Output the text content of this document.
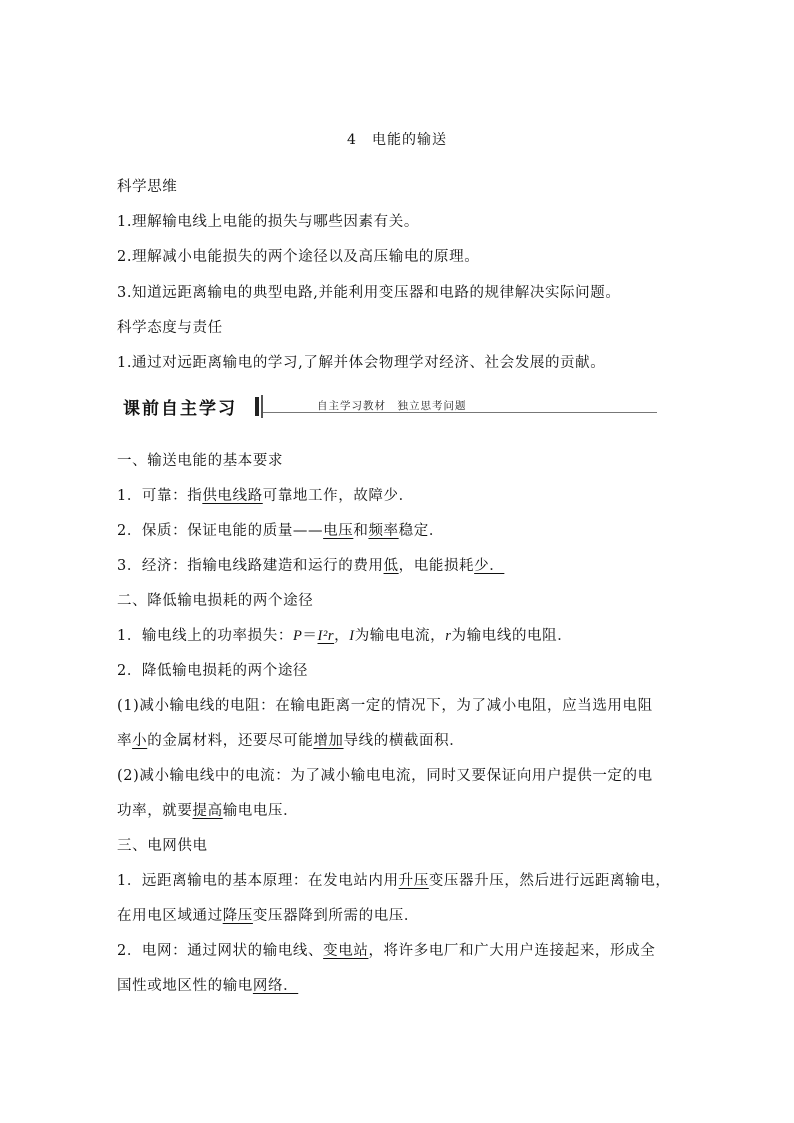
4　电能的输送
科学思维
1.理解输电线上电能的损失与哪些因素有关。
2.理解减小电能损失的两个途径以及高压输电的原理。
3.知道远距离输电的典型电路,并能利用变压器和电路的规律解决实际问题。
科学态度与责任
1.通过对远距离输电的学习,了解并体会物理学对经济、社会发展的贡献。
课前自主学习	自主学习教材　独立思考问题
一、输送电能的基本要求
1．可靠：指供电线路可靠地工作，故障少．
2．保质：保证电能的质量——电压和频率稳定．
3．经济：指输电线路建造和运行的费用低，电能损耗少．
二、降低输电损耗的两个途径
1．输电线上的功率损失：P＝I²r，I为输电电流，r为输电线的电阻．
2．降低输电损耗的两个途径
(1)减小输电线的电阻：在输电距离一定的情况下，为了减小电阻，应当选用电阻
率小的金属材料，还要尽可能增加导线的横截面积．
(2)减小输电线中的电流：为了减小输电电流，同时又要保证向用户提供一定的电
功率，就要提高输电电压．
三、电网供电
1．远距离输电的基本原理：在发电站内用升压变压器升压，然后进行远距离输电，
在用电区域通过降压变压器降到所需的电压．
2．电网：通过网状的输电线、变电站，将许多电厂和广大用户连接起来，形成全
国性或地区性的输电网络．
